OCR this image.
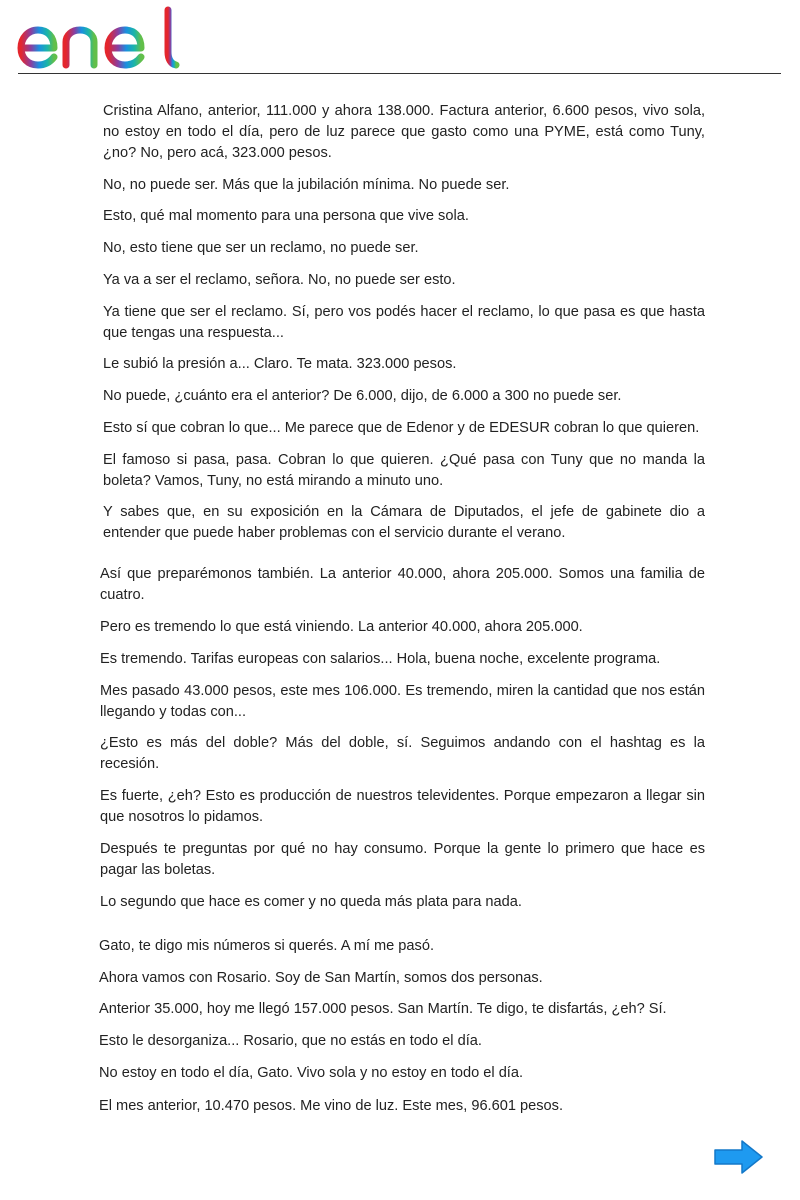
Cristina Alfano, anterior, 111.000 y ahora 138.000. Factura anterior, 6.600 pesos, vivo sola, no estoy en todo el día, pero de luz parece que gasto como una PYME, está como Tuny, ¿no? No, pero acá, 323.000 pesos.

No, no puede ser. Más que la jubilación mínima. No puede ser.

Esto, qué mal momento para una persona que vive sola.

No, esto tiene que ser un reclamo, no puede ser.

Ya va a ser el reclamo, señora. No, no puede ser esto.

Ya tiene que ser el reclamo. Sí, pero vos podés hacer el reclamo, lo que pasa es que hasta que tengas una respuesta...

Le subió la presión a... Claro. Te mata. 323.000 pesos.

No puede, ¿cuánto era el anterior? De 6.000, dijo, de 6.000 a 300 no puede ser.

Esto sí que cobran lo que... Me parece que de Edenor y de EDESUR cobran lo que quieren.

El famoso si pasa, pasa. Cobran lo que quieren. ¿Qué pasa con Tuny que no manda la boleta? Vamos, Tuny, no está mirando a minuto uno.

Y sabes que, en su exposición en la Cámara de Diputados, el jefe de gabinete dio a entender que puede haber problemas con el servicio durante el verano.

Así que preparémonos también. La anterior 40.000, ahora 205.000. Somos una familia de cuatro.

Pero es tremendo lo que está viniendo. La anterior 40.000, ahora 205.000.

Es tremendo. Tarifas europeas con salarios... Hola, buena noche, excelente programa.

Mes pasado 43.000 pesos, este mes 106.000. Es tremendo, miren la cantidad que nos están llegando y todas con...

¿Esto es más del doble? Más del doble, sí. Seguimos andando con el hashtag es la recesión.

Es fuerte, ¿eh? Esto es producción de nuestros televidentes. Porque empezaron a llegar sin que nosotros lo pidamos.

Después te preguntas por qué no hay consumo. Porque la gente lo primero que hace es pagar las boletas.

Lo segundo que hace es comer y no queda más plata para nada.

Gato, te digo mis números si querés. A mí me pasó.

Ahora vamos con Rosario. Soy de San Martín, somos dos personas.

Anterior 35.000, hoy me llegó 157.000 pesos. San Martín. Te digo, te disfartás, ¿eh? Sí.

Esto le desorganiza... Rosario, que no estás en todo el día.

No estoy en todo el día, Gato. Vivo sola y no estoy en todo el día.

El mes anterior, 10.470 pesos. Me vino de luz. Este mes, 96.601 pesos.
